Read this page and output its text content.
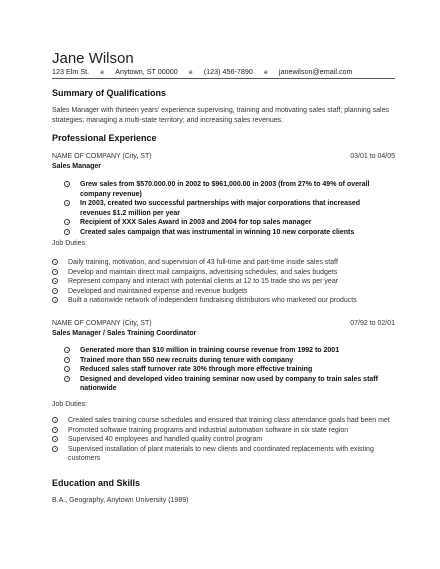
Jane Wilson
123 Elm St. e Anytown, ST 00000 e (123) 456-7890 e janewilson@email.com
Summary of Qualifications

Sales Manager with thirteen years' experience supervising, training and motivating sales staff; planning sales strategies; managing a multi-state territory; and increasing sales revenues.

Professional Experience
NAME OF COMPANY (City, ST)	03/01 to 04/05
Sales Manager
Grew sales from $570.000.00 in 2002 to $961,000.00 in 2003 (from 27% to 49% of overall company revenue)
In 2003, created two successful partnerships with major corporations that increased revenues $1.2 million per year
Recipient of XXX Sales Award in 2003 and 2004 for top sales manager
Created sales campaign that was instrumental in winning 10 new corporate clients
Job Duties:
Daily training, motivation, and supervision of 43 full-time and part-time inside sales staff
Develop and maintain direct mail campaigns, advertising schedules, and sales budgets
Represent company and interact with potential clients at 12 to 15 trade sho ws per year
Developed and maintained expense and revenue budgets
Built a nationwide network of independent fundraising distributors who marketed our products
NAME OF COMPANY (City, ST)	07/92 to 02/01
Sales Manager / Sales Training Coordinator
Generated more than $10 million in training course revenue from 1992 to 2001
Trained more than 550 new recruits during tenure with company
Reduced sales staff turnover rate 30% through more effective training
Designed and developed video training seminar now used by company to train sales staff nationwide
Job Duties:
Created sales training course schedules and ensured that training class attendance goals had been met
Promoted software training programs and industrial automation software in six state region
Supervised 40 employees and handled quality control program
Supervised installation of plant materials to new clients and coordinated replacements with existing customers
Education and Skills

B.A., Geography, Anytown University (1989)
